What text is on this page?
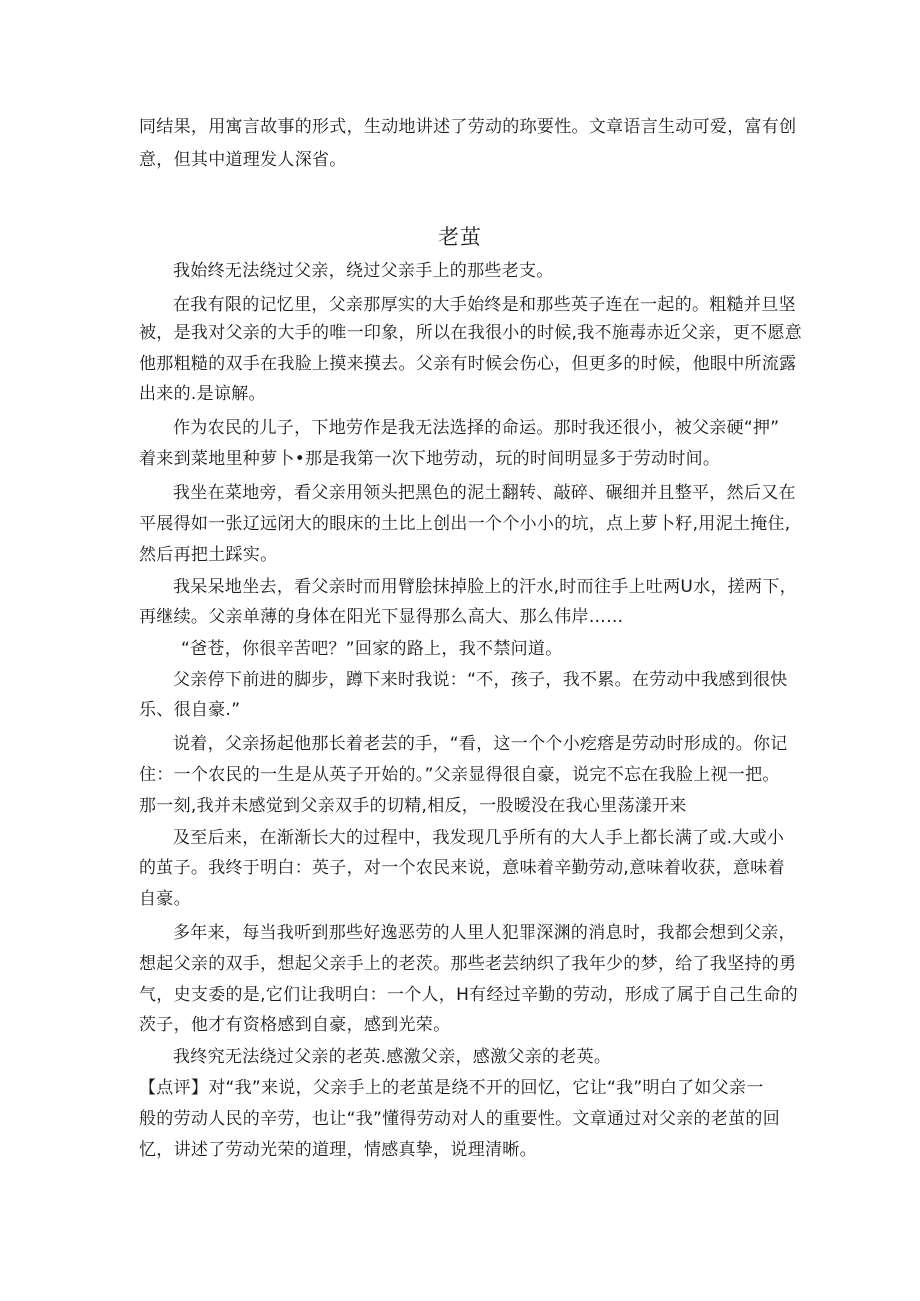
同结果，用寓言故事的形式，生动地讲述了劳动的珎要性。文章语言生动可爱，富有创
意，但其中道理发人深省。
老茧
我始终无法绕过父亲，绕过父亲手上的那些老支。
在我有限的记忆里，父亲那厚实的大手始终是和那些英子连在一起的。粗糙并旦坚
被，是我对父亲的大手的唯一印象，所以在我很小的时候,我不施毒赤近父亲，更不愿意
他那粗糙的双手在我脸上摸来摸去。父亲有时候会伤心，但更多的时候，他眼中所流露
出来的.是谅解。
作为农民的儿子，下地劳作是我无法选择的命运。那时我还很小，被父亲硬“押”
着来到菜地里种萝卜•那是我第一次下地劳动，玩的时间明显多于劳动时间。
我坐在菜地旁，看父亲用领头把黑色的泥土翻转、敲碎、碾细并且整平，然后又在
平展得如一张辽远闭大的眼床的土比上创出一个个小小的坑，点上萝卜籽,用泥土掩住,
然后再把土踩实。
我呆呆地坐去，看父亲时而用臂脍抹掉脸上的汗水,时而往手上吐两U水，搓两下，
再继续。父亲单薄的身体在阳光下显得那么高大、那么伟岸……
“爸苍，你很辛苦吧？”回家的路上，我不禁问道。
父亲停下前进的脚步，蹲下来时我说：“不，孩子，我不累。在劳动中我感到很快
乐、很自豪.”
说着，父亲扬起他那长着老芸的手，“看，这一个个小疙瘩是劳动时形成的。你记
住：一个农民的一生是从英子开始的。”父亲显得很自豪，说完不忘在我脸上视一把。
那一刻,我并未感觉到父亲双手的切精,相反，一股暧没在我心里荡漾开来
及至后来，在渐渐长大的过程中，我发现几乎所有的大人手上都长满了或.大或小
的茧子。我终于明白：英子，对一个农民来说，意味着辛勤劳动,意味着收获，意味着
自豪。
多年来，每当我听到那些好逸恶劳的人里人犯罪深渊的消息时，我都会想到父亲，
想起父亲的双手，想起父亲手上的老茨。那些老芸纳织了我年少的梦，给了我坚持的勇
气，史支委的是,它们让我明白：一个人，H有经过辛勤的劳动，形成了属于自己生命的
茨子，他才有资格感到自豪，感到光荣。
我终究无法绕过父亲的老英.感激父亲，感激父亲的老英。
【点评】对“我”来说，父亲手上的老茧是绕不开的回忆，它让“我”明白了如父亲一
般的劳动人民的辛劳，也让“我”懂得劳动对人的重要性。文章通过对父亲的老茧的回
忆，讲述了劳动光荣的道理，情感真挚，说理清晰。
